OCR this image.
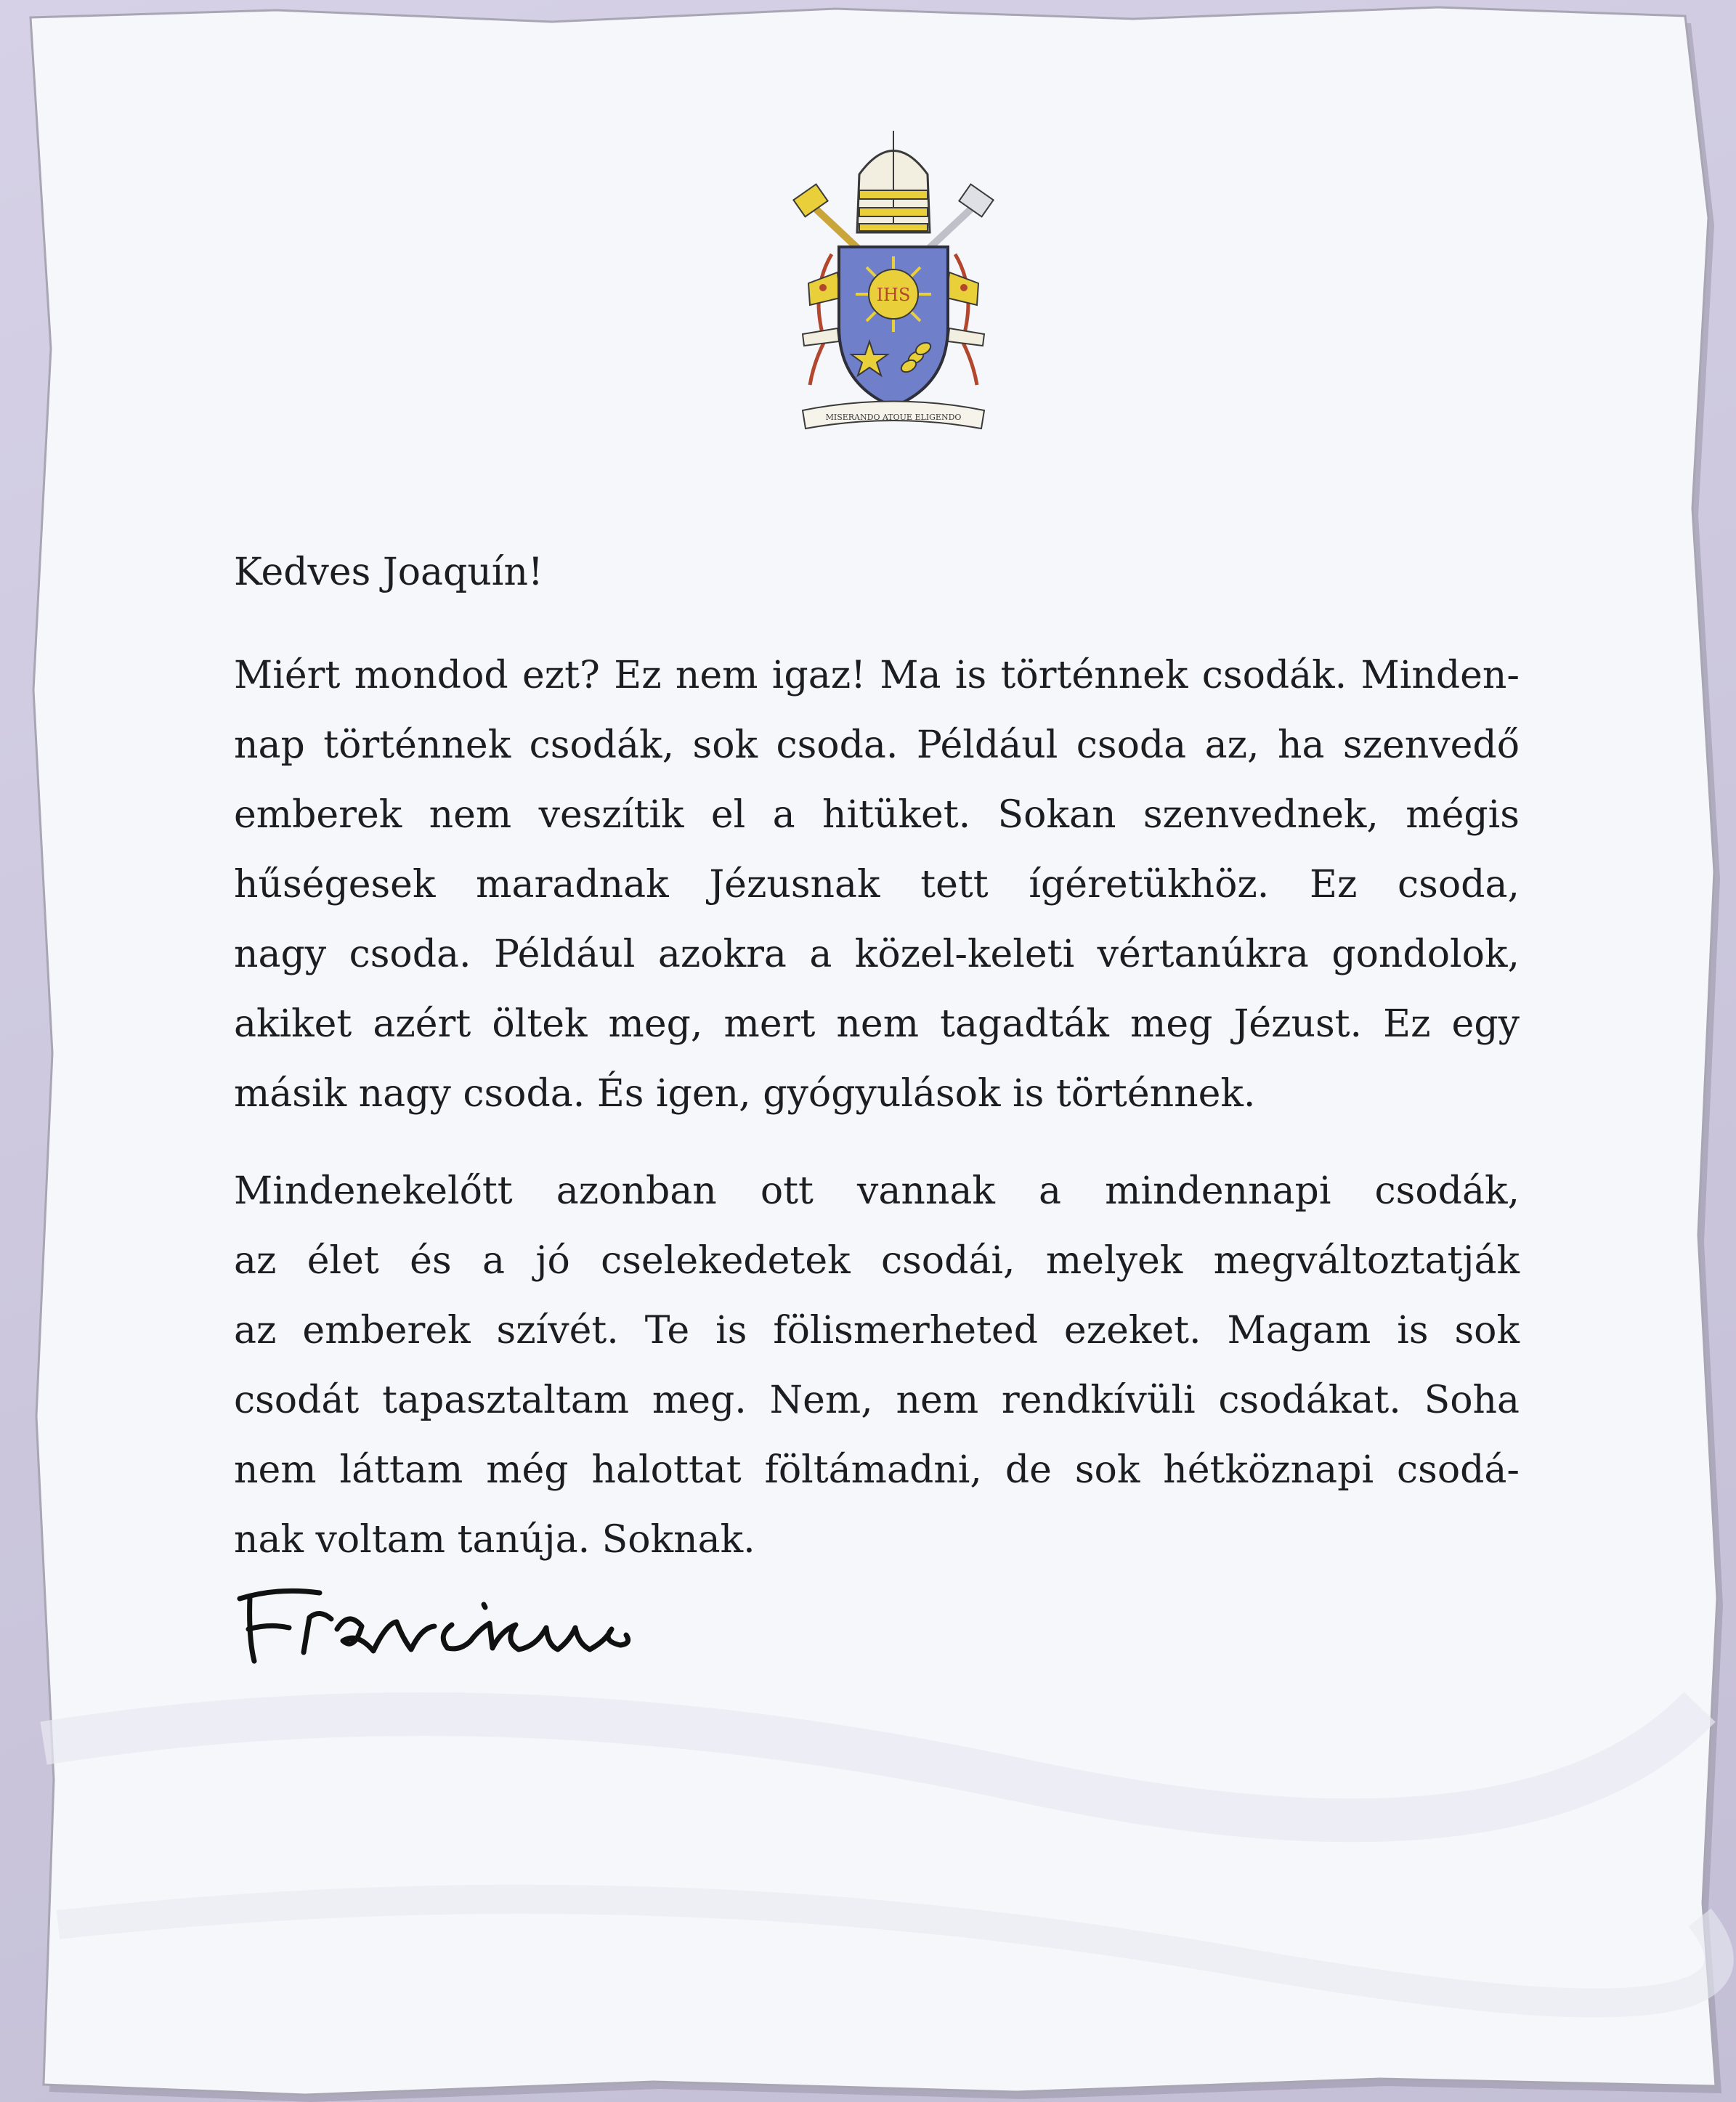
IHS
MISERANDO ATQUE ELIGENDO
Kedves Joaquín!
Miért mondod ezt? Ez nem igaz! Ma is történnek csodák. Minden-
nap történnek csodák, sok csoda. Például csoda az, ha szenvedő
emberek nem veszítik el a hitüket. Sokan szenvednek, mégis
hűségesek maradnak Jézusnak tett ígéretükhöz. Ez csoda,
nagy csoda. Például azokra a közel-keleti vértanúkra gondolok,
akiket azért öltek meg, mert nem tagadták meg Jézust. Ez egy
másik nagy csoda. És igen, gyógyulások is történnek.
Mindenekelőtt azonban ott vannak a mindennapi csodák,
az élet és a jó cselekedetek csodái, melyek megváltoztatják
az emberek szívét. Te is fölismerheted ezeket. Magam is sok
csodát tapasztaltam meg. Nem, nem rendkívüli csodákat. Soha
nem láttam még halottat föltámadni, de sok hétköznapi csodá-
nak voltam tanúja. Soknak.
